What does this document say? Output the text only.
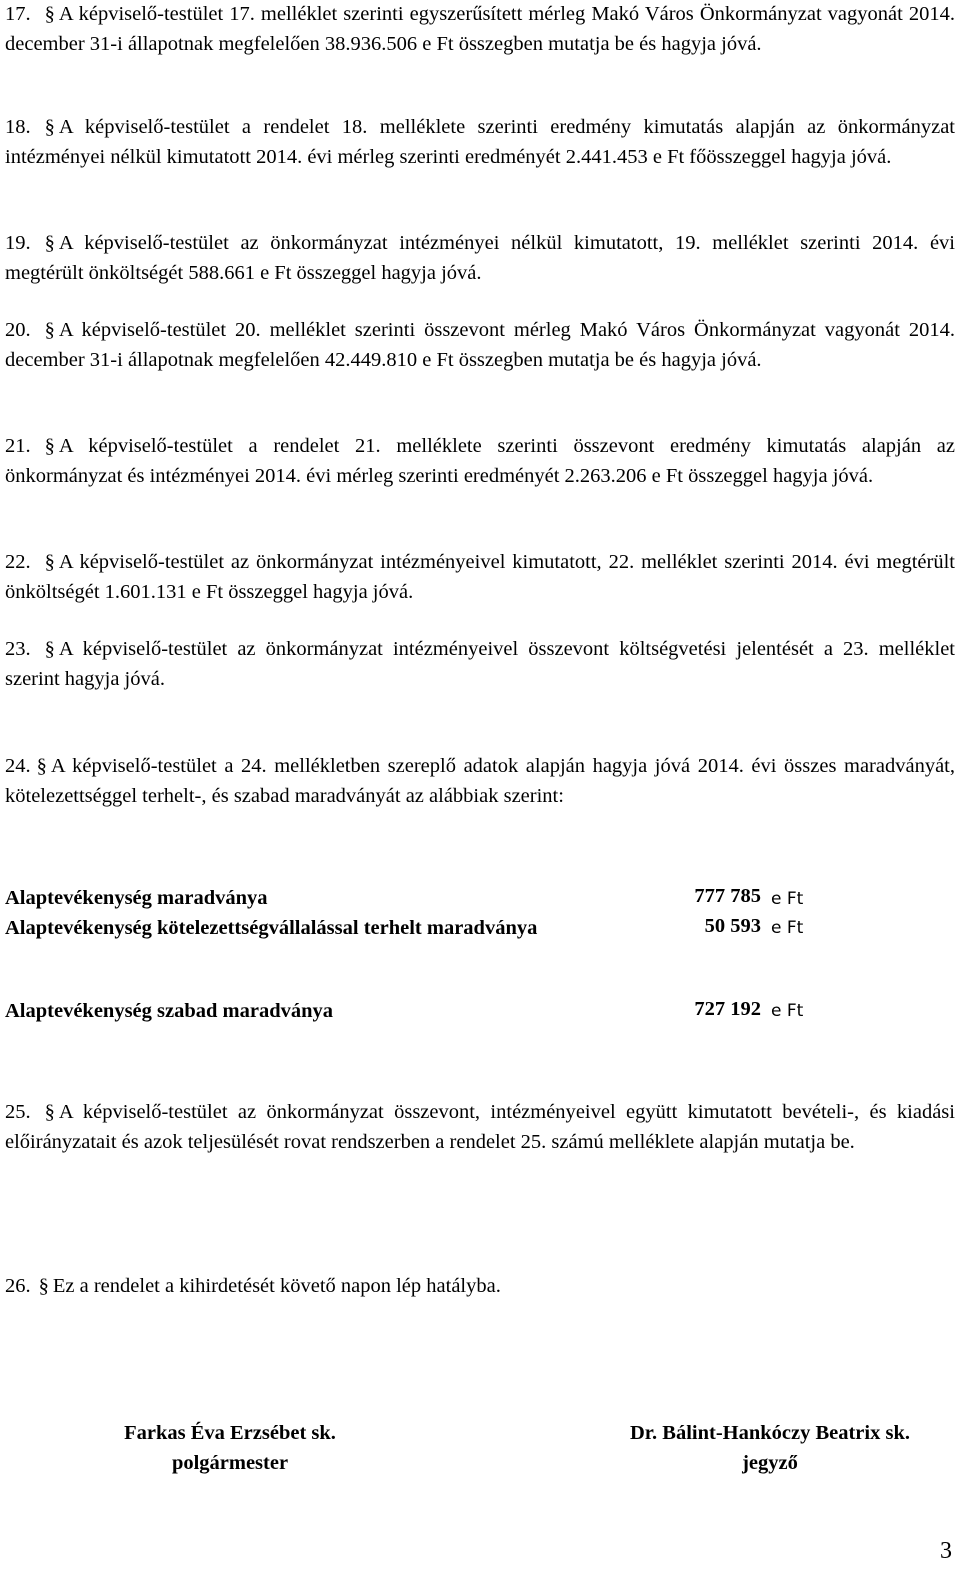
17. § A képviselő-testület 17. melléklet szerinti egyszerűsített mérleg Makó Város Önkormányzat vagyonát 2014. december 31-i állapotnak megfelelően 38.936.506 e Ft összegben mutatja be és hagyja jóvá.

18. § A képviselő-testület a rendelet 18. melléklete szerinti eredmény kimutatás alapján az önkormányzat intézményei nélkül kimutatott 2014. évi mérleg szerinti eredményét 2.441.453 e Ft főösszeggel hagyja jóvá.

19. § A képviselő-testület az önkormányzat intézményei nélkül kimutatott, 19. melléklet szerinti 2014. évi megtérült önköltségét 588.661 e Ft összeggel hagyja jóvá.

20. § A képviselő-testület 20. melléklet szerinti összevont mérleg Makó Város Önkormányzat vagyonát 2014. december 31-i állapotnak megfelelően 42.449.810 e Ft összegben mutatja be és hagyja jóvá.

21. § A képviselő-testület a rendelet 21. melléklete szerinti összevont eredmény kimutatás alapján az önkormányzat és intézményei 2014. évi mérleg szerinti eredményét 2.263.206 e Ft összeggel hagyja jóvá.

22. § A képviselő-testület az önkormányzat intézményeivel kimutatott, 22. melléklet szerinti 2014. évi megtérült önköltségét 1.601.131 e Ft összeggel hagyja jóvá.

23. § A képviselő-testület az önkormányzat intézményeivel összevont költségvetési jelentését a 23. melléklet szerint hagyja jóvá.

24. § A képviselő-testület a 24. mellékletben szereplő adatok alapján hagyja jóvá 2014. évi összes maradványát, kötelezettséggel terhelt-, és szabad maradványát az alábbiak szerint:

Alaptevékenység maradványa	777 785 e Ft
Alaptevékenység kötelezettségvállalással terhelt maradványa	50 593 e Ft
Alaptevékenység szabad maradványa	727 192 e Ft

25. § A képviselő-testület az önkormányzat összevont, intézményeivel együtt kimutatott bevételi-, és kiadási előirányzatait és azok teljesülését rovat rendszerben a rendelet 25. számú melléklete alapján mutatja be.

26. § Ez a rendelet a kihirdetését követő napon lép hatályba.

Farkas Éva Erzsébet sk.
polgármester
Dr. Bálint-Hankóczy Beatrix sk.
jegyző
3
